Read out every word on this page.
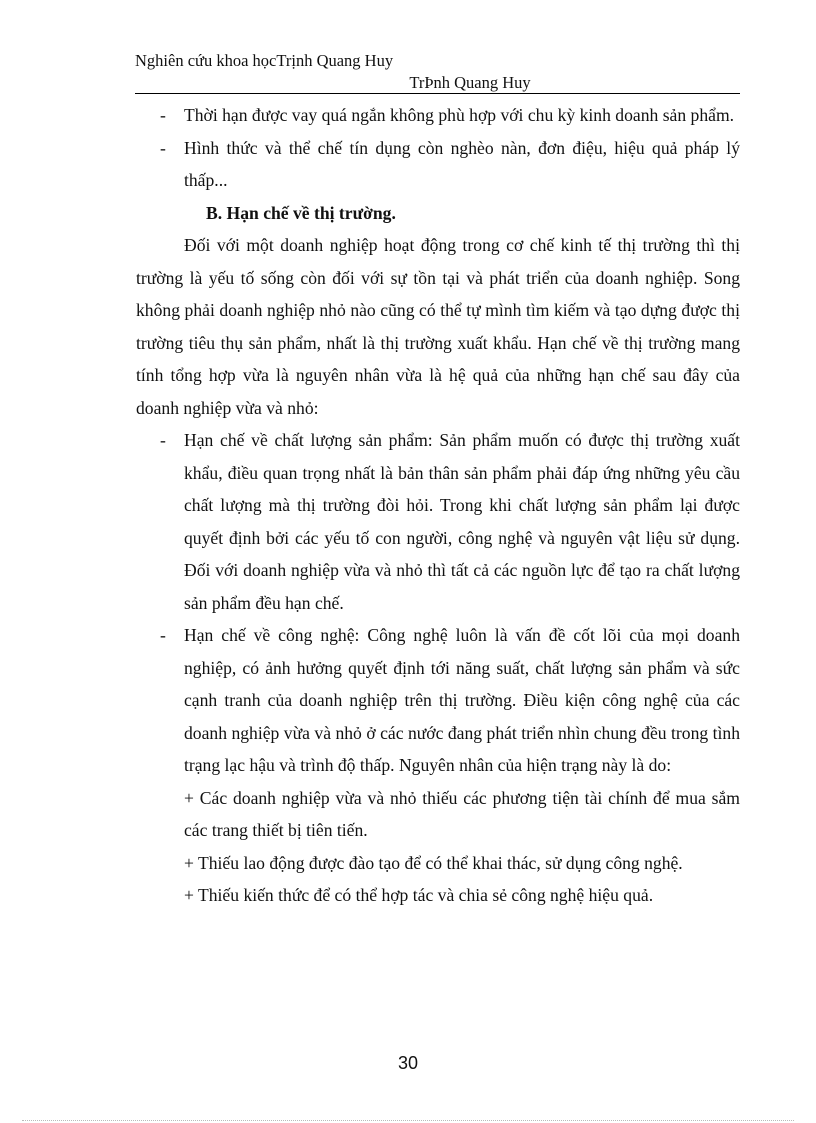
Nghiên cứu khoa họcTrịnh Quang Huy
TrÞnh Quang Huy
- Thời hạn được vay quá ngắn không phù hợp với chu kỳ kinh doanh sản phẩm.
- Hình thức và thể chế tín dụng còn nghèo nàn, đơn điệu, hiệu quả pháp lý thấp...
B. Hạn chế về thị trường.
Đối với một doanh nghiệp hoạt động trong cơ chế kinh tế thị trường thì thị trường là yếu tố sống còn đối với sự tồn tại và phát triển của doanh nghiệp. Song không phải doanh nghiệp nhỏ nào cũng có thể tự mình tìm kiếm và tạo dựng được thị trường tiêu thụ sản phẩm, nhất là thị trường xuất khẩu. Hạn chế về thị trường mang tính tổng hợp vừa là nguyên nhân vừa là hệ quả của những hạn chế sau đây của doanh nghiệp vừa và nhỏ:
- Hạn chế về chất lượng sản phẩm: Sản phẩm muốn có được thị trường xuất khẩu, điều quan trọng nhất là bản thân sản phẩm phải đáp ứng những yêu cầu chất lượng mà thị trường đòi hỏi. Trong khi chất lượng sản phẩm lại được quyết định bởi các yếu tố con người, công nghệ và nguyên vật liệu sử dụng. Đối với doanh nghiệp vừa và nhỏ thì tất cả các nguồn lực để tạo ra chất lượng sản phẩm đều hạn chế.
- Hạn chế về công nghệ: Công nghệ luôn là vấn đề cốt lõi của mọi doanh nghiệp, có ảnh hưởng quyết định tới năng suất, chất lượng sản phẩm và sức cạnh tranh của doanh nghiệp trên thị trường. Điều kiện công nghệ của các doanh nghiệp vừa và nhỏ ở các nước đang phát triển nhìn chung đều trong tình trạng lạc hậu và trình độ thấp. Nguyên nhân của hiện trạng này là do:
+ Các doanh nghiệp vừa và nhỏ thiếu các phương tiện tài chính để mua sắm các trang thiết bị tiên tiến.
+ Thiếu lao động được đào tạo để có thể khai thác, sử dụng công nghệ.
+ Thiếu kiến thức để có thể hợp tác và chia sẻ công nghệ hiệu quả.
30
